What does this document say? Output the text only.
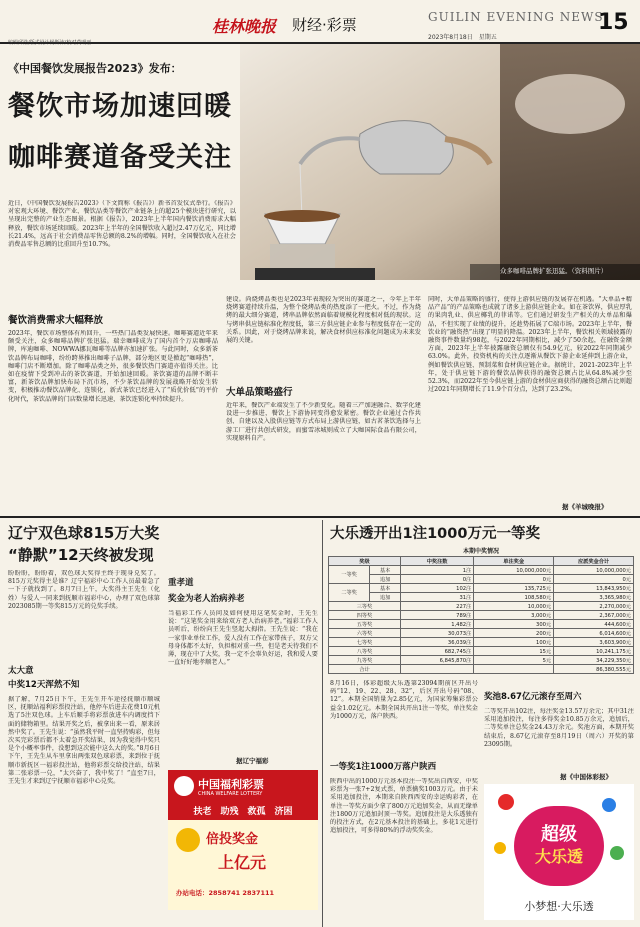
编辑邱浩/版式设计杨斯沛/校对莫明丽
桂林晚报 财经·彩票	GUILIN EVENING NEWS
2023年8月18日　星期五
15
《中国餐饮发展报告2023》发布：
餐饮市场加速回暖
咖啡赛道备受关注
众多咖啡品牌扩张迅猛。（资料图片）
近日，《中国餐饮发展报告2023》（下文简称《报告》）新书首发仪式举行。《报告》对宏观大环境、餐饮产业、餐饮品类等餐饮产业链条上的超25个模块进行研究，以呈现出完整的产业生态图景。根据《报告》，2023年上半年国内餐饮消费需求大幅释放，餐饮市场延续回暖。2023年上半年的全国餐饮收入超过2.47万亿元，同比增长21.4%，远高于社会消费品零售总额的8.2%的增幅。同时，全国餐饮收入在社会消费品零售总额的比重回升至10.7%。
餐饮消费需求大幅释放
2023年，餐饮市场整体有所回升，一些热门品类发展快速。咖啡赛道近年来颇受关注，众多咖啡品牌扩张迅猛。瑞幸咖啡成为了国内首个万店咖啡品牌，库迪咖啡、NOWWA挪瓦咖啡等品牌亦加速扩张。与此同时，众多新茶饮品牌布局咖啡，纷纷跨界推出咖啡子品牌，部分地区更是掀起“咖啡热”，咖啡门店不断增加。除了咖啡品类之外，很多餐饮热门赛道亦值得关注。比如在疫情下受到冲击的茶饮赛道，开始加速回暖。茶饮赛道的品牌不断丰富，新茶饮品牌加快布局下沉市场，不少茶饮品牌的发展战略开始发生转变，积极推动餐饮品牌化、连锁化，新式茶饮已经进入了“质优价低”的平价化时代，茶饮品牌的门店数量增长迅速，茶饮连锁化率持续提升。
建设。尚烧烤品类也是2023年表现较为突出的赛道之一，今年上半年烧烤赛道持续升温，为整个烧烤品类的热度添了一把火。不过，作为烧烤的最大细分赛道，烤串品牌依然面临着规模化程度相对低的现状。这与烤串供应链标准化程度低，第三方供应链企业参与程度低存在一定的关系。因此，对于烧烤品牌来说，解决食材供应标准化问题成为未来发展的关键。
大单品策略盛行
近年来，餐饮产业端发生了不少新变化。随着三产加速融合、数字化建设进一步推进，餐饮上下游协同变得愈发紧密。餐饮企业通过合作共创、自建以及入股供应链等方式布局上游供应链，如古茗茶饮选择与上游工厂进行共创式研发，而蜜雪冰城则成立了大咖国际食品有限公司，实现原料自产。
同时，大单品策略的盛行，使得上游供应链的发展存在机遇。“大单品+精品产品”的产品策略也成就了诸多上游供应链企业。如在茶饮界，供应厚乳的果肉乳业、供应椰乳的菲诺等。它们通过研发生产相关的大单品和爆品，不但实现了业绩的提升，还趁势拓展了C端市场。2023年上半年，餐饮业的“融资热”出现了明显的降温。2023年上半年，餐饮相关领域披露的融资事件数量约98起，与2022年同期相比，减少了50余起，在融资金额方面，2023年上半年披露融资总额仅有54.9亿元，较2022年同期减少63.0%。此外，投资机构的关注点逐渐从餐饮下游企业延伸到上游企业，例如餐饮供应链、预制菜和食材供应链企业。据统计，2021-2023年上半年，处于供应链下游的餐饮品牌获得的融资总额占比从64.8%减少至52.3%，而2022年至今供应链上游的食材供应商获得的融资总额占比则超过2021年同期增长了11.9个百分点，达到了23.2%。
据《羊城晚报》
辽宁双色球815万大奖
“静默”12天终被发现
盼盼盼，盼盼着，双色球大奖得主终于现身兑奖了。815万元奖得主是谁？辽宁福彩中心工作人员最着急了一下子就找到了。8月7日上午，大奖得主王先生（化姓）与爱人一同来到抚顺市福彩中心，办理了双色球第2023085期一等奖815万元的兑奖手续。
太大意
中奖12天浑然不知
据了解，7月25日下午，王先生开车途径抚顺市顺城区，抚顺站福利彩票投注站，他停车后进去花费10元机选了5注双色球。上车后顺手将彩票放进车内调度挡下面的储物箱里。结果开奖之后，被拿出来一看，原来居然中奖了。王先生说：“虽然我平时一直坚持购彩，但每次买完彩票后都不太着急开奖结果，因为我觉得中奖只是个小概率事件，没想到这次能中这么大的奖。”8月6日下午，王先生从车里拿出两张双色球彩票，来到位于抚顺市新抚区一福彩投注站，他将彩票交给投注站，结果第二张彩票一兑，“太兴奋了，我中奖了！”直至7日，王先生才来到辽宁抚顺市福彩中心兑奖。
重孝道
奖金为老人治病养老
当福彩工作人员问及如何使用这笔奖金时，王先生说：“这笔奖金用来给双方老人治病养老。”福彩工作人员听后，纷纷向王先生竖起大拇指。王先生说：“我在一家事业单位工作，爱人没有工作在家带孩子，双方父母身体都不太好，负担相对重一些，但是老天待我们不薄，现在中了大奖，我一定不会辜负好运，我和爱人要一直好好地孝顺老人。”
据辽宁福彩
中国福利彩票
CHINA WELFARE LOTTERY
扶老　助残　救孤　济困
倍投奖金
上亿元
办站电话：2858741 2837111
大乐透开出1注1000万元一等奖
本期中奖情况
奖级		中奖注数	单注奖金	应派奖金合计
一等奖	基本	1注	10,000,000元	10,000,000元
	追加	0注	0元	0元
二等奖	基本	102注	135,725元	13,843,950元
	追加	31注	108,580元	3,365,980元
三等奖		227注	10,000元	2,270,000元
四等奖		789注	3,000元	2,367,000元
五等奖		1,482注	300元	444,600元
六等奖		30,073注	200元	6,014,600元
七等奖		36,039注	100元	3,603,900元
八等奖		682,745注	15元	10,241,175元
九等奖		6,845,870注	5元	34,229,350元
合计				86,380,555元
8月16日，体彩超级大乐透第23094期前区开出号码“12、19、22、28、32”，后区开出号码“08、12”。本期全国销量为2.85亿元，为国家筹集彩票公益金1.02亿元。本期全国共开出1注一等奖，单注奖金为1000万元，落户陕西。
一等奖1注1000万落户陕西
陕西中出的1000万元基本投注一等奖出自西安，中奖彩票为一张7+2复式票，单票擒奖1003万元。由于未采用追加投注，本期来自陕西西安的幸运购彩者，在单注一等奖方面少拿了800万元追加奖金，从而无缘单注1800万元追加封顶一等奖。追加投注是大乐透独有的投注方式，在2元基本投注的基础上，多花1元进行追加投注，可多得80%的浮动奖奖金。
奖池8.67亿元滚存至周六
二等奖开出102注，每注奖金13.57万余元；其中31注采用追加投注，每注多得奖金10.85万余元，追加后，二等奖单注总奖金24.43万余元。奖池方面，本期开奖结束后，8.67亿元滚存至8月19日（周六）开奖的第23095期。
据《中国体彩报》
超级
大乐透
小梦想·大乐透
